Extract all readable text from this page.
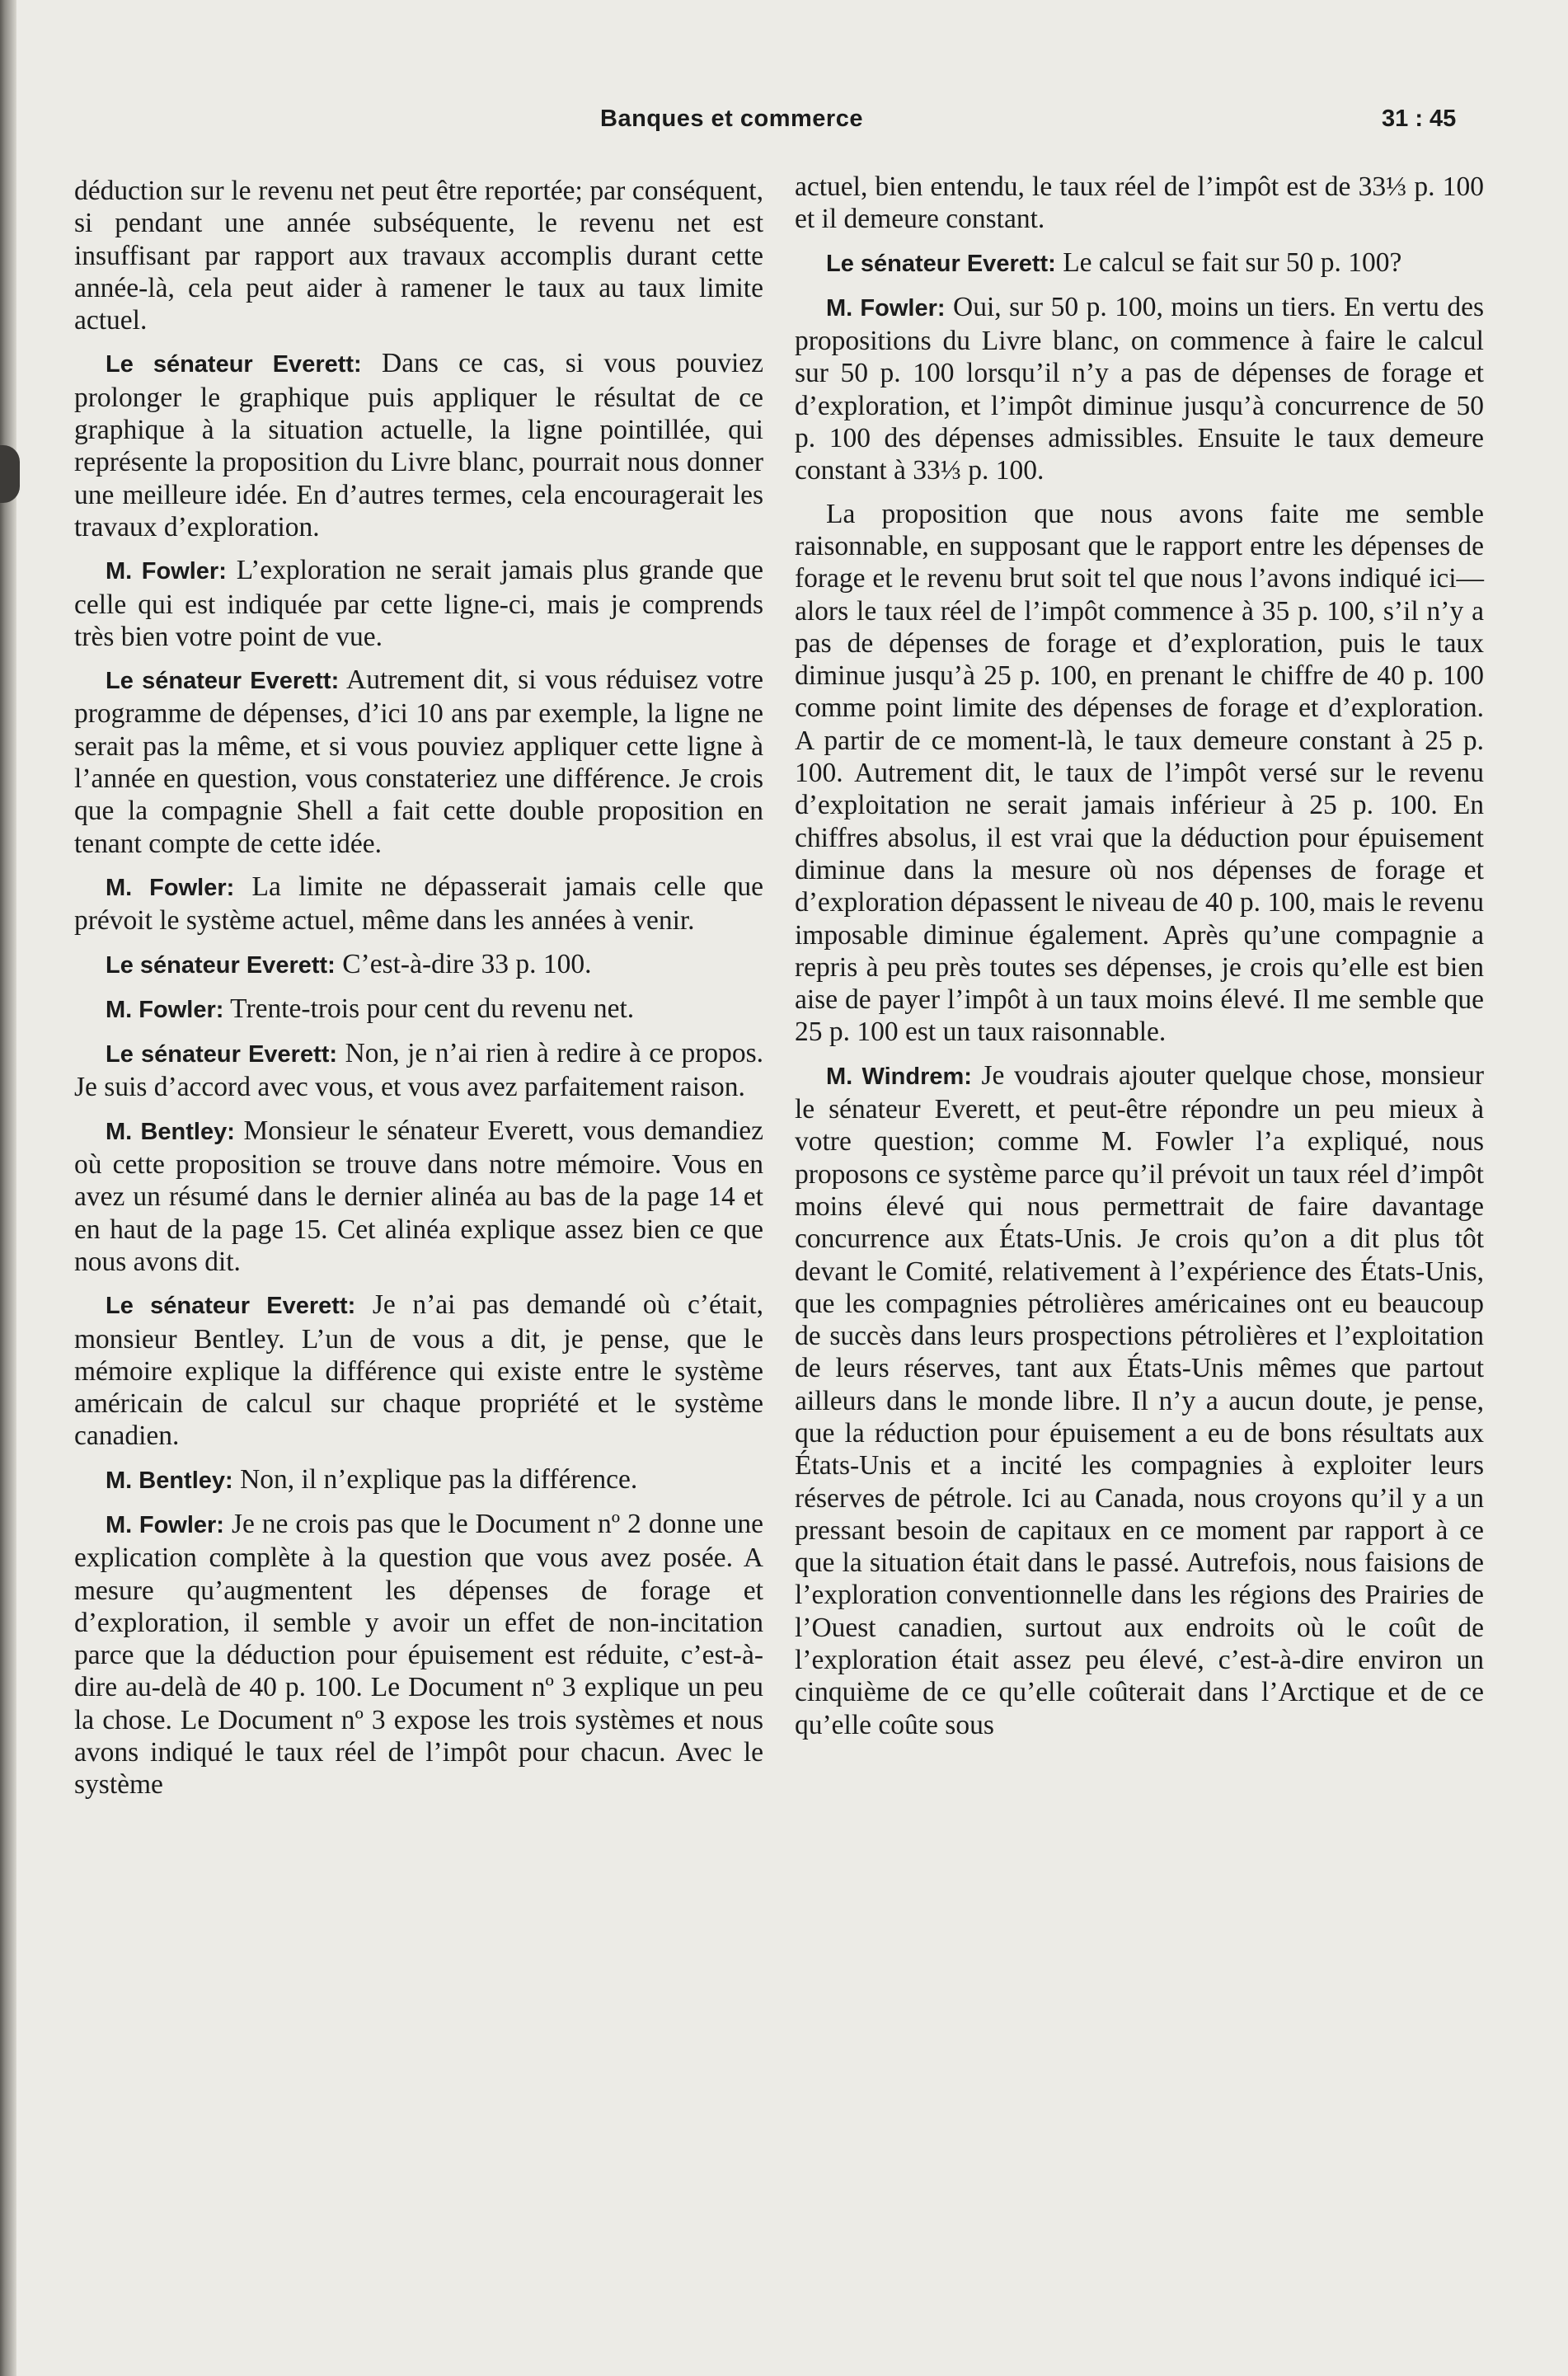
Banques et commerce	31 : 45

déduction sur le revenu net peut être reportée; par conséquent, si pendant une année subséquente, le revenu net est insuffisant par rapport aux travaux accomplis durant cette année-là, cela peut aider à ramener le taux au taux limite actuel.

Le sénateur Everett: Dans ce cas, si vous pouviez prolonger le graphique puis appliquer le résultat de ce graphique à la situation actuelle, la ligne pointillée, qui représente la proposition du Livre blanc, pourrait nous donner une meilleure idée. En d’autres termes, cela encouragerait les travaux d’exploration.

M. Fowler: L’exploration ne serait jamais plus grande que celle qui est indiquée par cette ligne-ci, mais je comprends très bien votre point de vue.

Le sénateur Everett: Autrement dit, si vous réduisez votre programme de dépenses, d’ici 10 ans par exemple, la ligne ne serait pas la même, et si vous pouviez appliquer cette ligne à l’année en question, vous constateriez une différence. Je crois que la compagnie Shell a fait cette double proposition en tenant compte de cette idée.

M. Fowler: La limite ne dépasserait jamais celle que prévoit le système actuel, même dans les années à venir.

Le sénateur Everett: C’est-à-dire 33 p. 100.

M. Fowler: Trente-trois pour cent du revenu net.

Le sénateur Everett: Non, je n’ai rien à redire à ce propos. Je suis d’accord avec vous, et vous avez parfaitement raison.

M. Bentley: Monsieur le sénateur Everett, vous demandiez où cette proposition se trouve dans notre mémoire. Vous en avez un résumé dans le dernier alinéa au bas de la page 14 et en haut de la page 15. Cet alinéa explique assez bien ce que nous avons dit.

Le sénateur Everett: Je n’ai pas demandé où c’était, monsieur Bentley. L’un de vous a dit, je pense, que le mémoire explique la différence qui existe entre le système américain de calcul sur chaque propriété et le système canadien.

M. Bentley: Non, il n’explique pas la différence.

M. Fowler: Je ne crois pas que le Document nº 2 donne une explication complète à la question que vous avez posée. A mesure qu’augmentent les dépenses de forage et d’exploration, il semble y avoir un effet de non-incitation parce que la déduction pour épuisement est réduite, c’est-à-dire au-delà de 40 p. 100. Le Document nº 3 explique un peu la chose. Le Document nº 3 expose les trois systèmes et nous avons indiqué le taux réel de l’impôt pour chacun. Avec le système

actuel, bien entendu, le taux réel de l’impôt est de 33⅓ p. 100 et il demeure constant.

Le sénateur Everett: Le calcul se fait sur 50 p. 100?

M. Fowler: Oui, sur 50 p. 100, moins un tiers. En vertu des propositions du Livre blanc, on commence à faire le calcul sur 50 p. 100 lorsqu’il n’y a pas de dépenses de forage et d’exploration, et l’impôt diminue jusqu’à concurrence de 50 p. 100 des dépenses admissibles. Ensuite le taux demeure constant à 33⅓ p. 100.

La proposition que nous avons faite me semble raisonnable, en supposant que le rapport entre les dépenses de forage et le revenu brut soit tel que nous l’avons indiqué ici—alors le taux réel de l’impôt commence à 35 p. 100, s’il n’y a pas de dépenses de forage et d’exploration, puis le taux diminue jusqu’à 25 p. 100, en prenant le chiffre de 40 p. 100 comme point limite des dépenses de forage et d’exploration. A partir de ce moment-là, le taux demeure constant à 25 p. 100. Autrement dit, le taux de l’impôt versé sur le revenu d’exploitation ne serait jamais inférieur à 25 p. 100. En chiffres absolus, il est vrai que la déduction pour épuisement diminue dans la mesure où nos dépenses de forage et d’exploration dépassent le niveau de 40 p. 100, mais le revenu imposable diminue également. Après qu’une compagnie a repris à peu près toutes ses dépenses, je crois qu’elle est bien aise de payer l’impôt à un taux moins élevé. Il me semble que 25 p. 100 est un taux raisonnable.

M. Windrem: Je voudrais ajouter quelque chose, monsieur le sénateur Everett, et peut-être répondre un peu mieux à votre question; comme M. Fowler l’a expliqué, nous proposons ce système parce qu’il prévoit un taux réel d’impôt moins élevé qui nous permettrait de faire davantage concurrence aux États-Unis. Je crois qu’on a dit plus tôt devant le Comité, relativement à l’expérience des États-Unis, que les compagnies pétrolières américaines ont eu beaucoup de succès dans leurs prospections pétrolières et l’exploitation de leurs réserves, tant aux États-Unis mêmes que partout ailleurs dans le monde libre. Il n’y a aucun doute, je pense, que la réduction pour épuisement a eu de bons résultats aux États-Unis et a incité les compagnies à exploiter leurs réserves de pétrole. Ici au Canada, nous croyons qu’il y a un pressant besoin de capitaux en ce moment par rapport à ce que la situation était dans le passé. Autrefois, nous faisions de l’exploration conventionnelle dans les régions des Prairies de l’Ouest canadien, surtout aux endroits où le coût de l’exploration était assez peu élevé, c’est-à-dire environ un cinquième de ce qu’elle coûterait dans l’Arctique et de ce qu’elle coûte sous
